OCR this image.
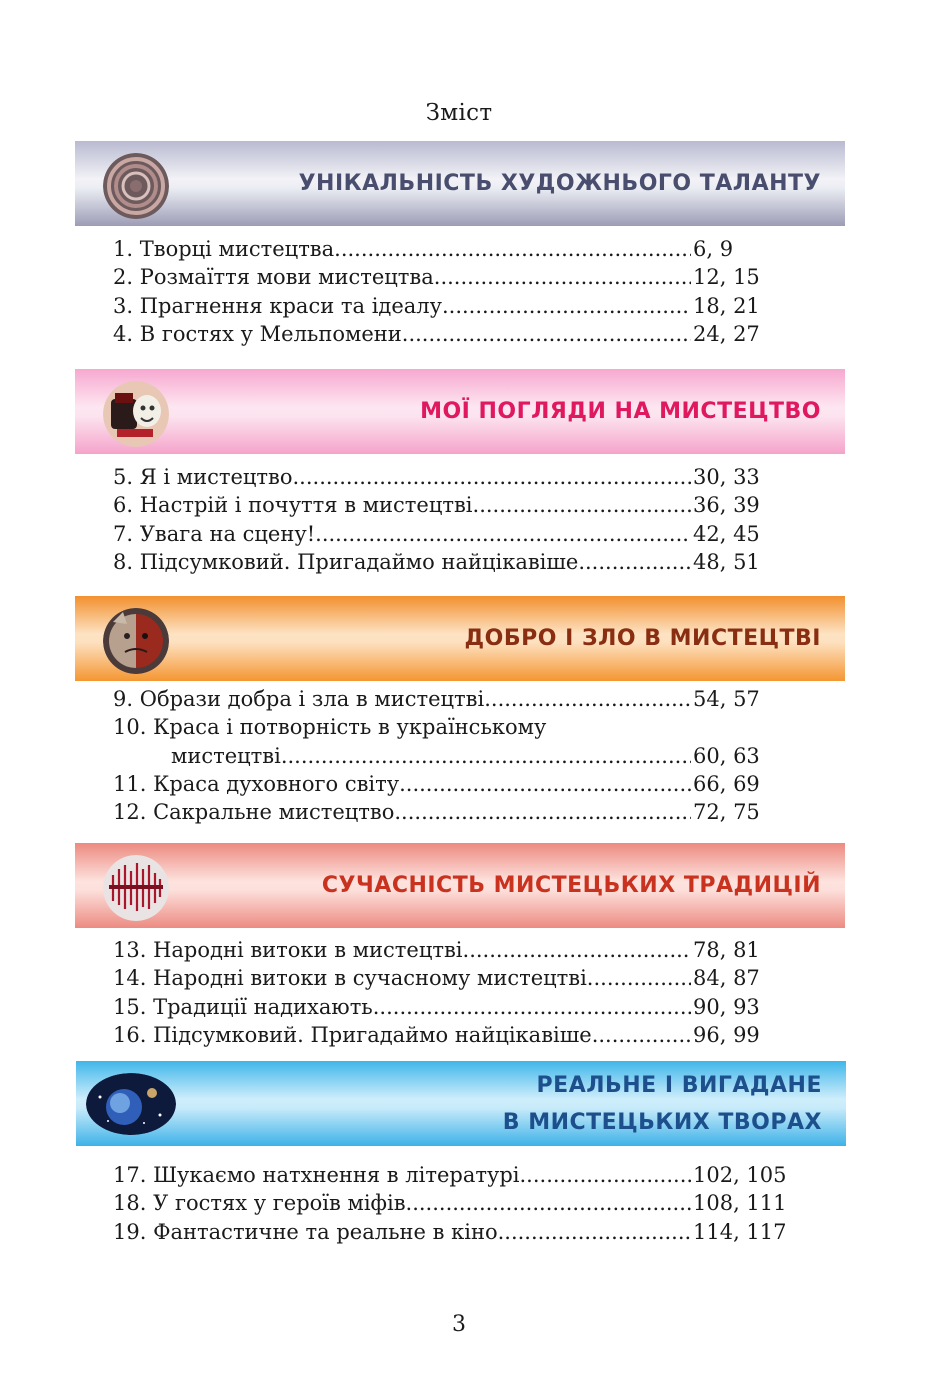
Зміст
УНІКАЛЬНІСТЬ ХУДОЖНЬОГО ТАЛАНТУ
1. Творці мистецтва .....	6, 9
2. Розмаїття мови мистецтва .....	12, 15
3. Прагнення краси та ідеалу .....	18, 21
4. В гостях у Мельпомени .....	24, 27
МОЇ ПОГЛЯДИ НА МИСТЕЦТВО
5. Я і мистецтво .....	30, 33
6. Настрій і почуття в мистецтві .....	36, 39
7. Увага на сцену! .....	42, 45
8. Підсумковий. Пригадаймо найцікавіше .....	48, 51
ДОБРО І ЗЛО В МИСТЕЦТВІ
9. Образи добра і зла в мистецтві .....	54, 57
10. Краса і потворність в українському
мистецтві .....	60, 63
11. Краса духовного світу .....	66, 69
12. Сакральне мистецтво .....	72, 75
СУЧАСНІСТЬ МИСТЕЦЬКИХ ТРАДИЦІЙ
13. Народні витоки в мистецтві .....	78, 81
14. Народні витоки в сучасному мистецтві .....	84, 87
15. Традиції надихають .....	90, 93
16. Підсумковий. Пригадаймо найцікавіше .....	96, 99
РЕАЛЬНЕ І ВИГАДАНЕ
В МИСТЕЦЬКИХ ТВОРАХ
17. Шукаємо натхнення в літературі .....	102, 105
18. У гостях у героїв міфів .....	108, 111
19. Фантастичне та реальне в кіно .....	114, 117
3
